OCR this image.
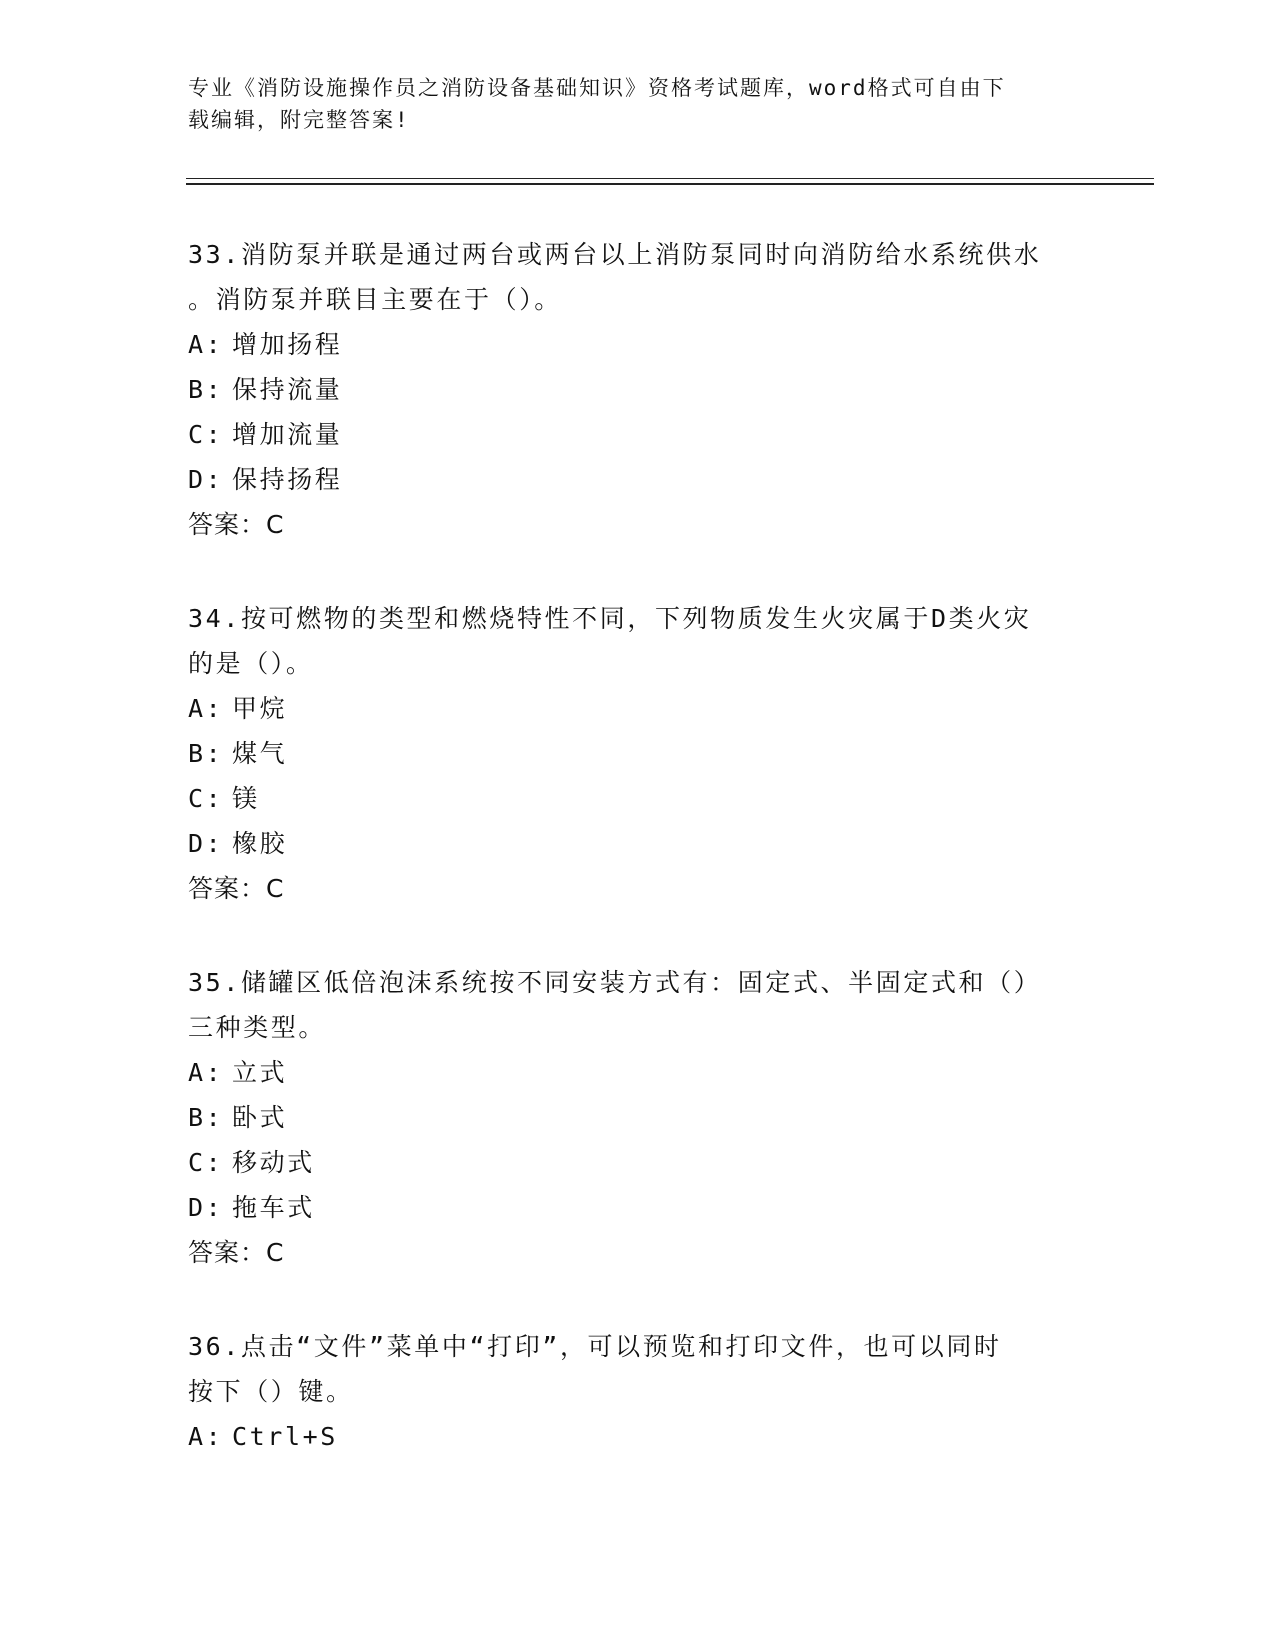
专业《消防设施操作员之消防设备基础知识》资格考试题库，word格式可自由下
载编辑，附完整答案!

33.消防泵并联是通过两台或两台以上消防泵同时向消防给水系统供水

。消防泵并联目主要在于（）。

A: 增加扬程

B: 保持流量

C: 增加流量

D: 保持扬程

答案：C

34.按可燃物的类型和燃烧特性不同，下列物质发生火灾属于D类火灾

的是（）。

A: 甲烷

B: 煤气

C: 镁

D: 橡胶

答案：C

35.储罐区低倍泡沫系统按不同安装方式有：固定式、半固定式和（）

三种类型。

A: 立式

B: 卧式

C: 移动式

D: 拖车式

答案：C

36.点击“文件”菜单中“打印”，可以预览和打印文件，也可以同时

按下（）键。

A: Ctrl+S
